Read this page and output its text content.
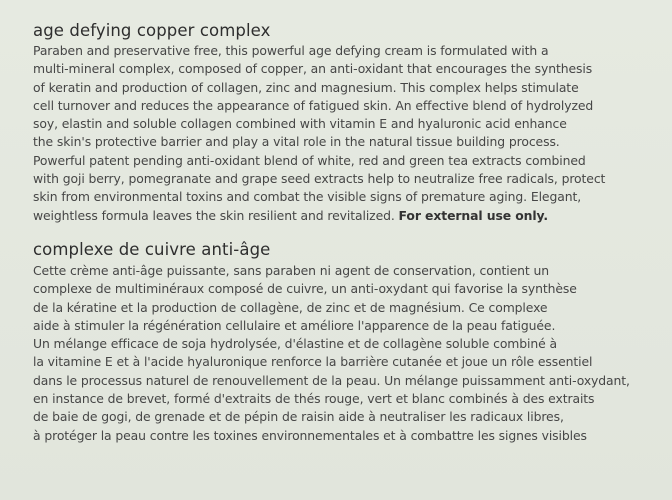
age defying copper complex

Paraben and preservative free, this powerful age defying cream is formulated with a
multi-mineral complex, composed of copper, an anti-oxidant that encourages the synthesis
of keratin and production of collagen, zinc and magnesium. This complex helps stimulate
cell turnover and reduces the appearance of fatigued skin. An effective blend of hydrolyzed
soy, elastin and soluble collagen combined with vitamin E and hyaluronic acid enhance
the skin's protective barrier and play a vital role in the natural tissue building process.
Powerful patent pending anti-oxidant blend of white, red and green tea extracts combined
with goji berry, pomegranate and grape seed extracts help to neutralize free radicals, protect
skin from environmental toxins and combat the visible signs of premature aging. Elegant,
weightless formula leaves the skin resilient and revitalized. For external use only.

complexe de cuivre anti-âge

Cette crème anti-âge puissante, sans paraben ni agent de conservation, contient un
complexe de multiminéraux composé de cuivre, un anti-oxydant qui favorise la synthèse
de la kératine et la production de collagène, de zinc et de magnésium. Ce complexe
aide à stimuler la régénération cellulaire et améliore l'apparence de la peau fatiguée.
Un mélange efficace de soja hydrolysée, d'élastine et de collagène soluble combiné à
la vitamine E et à l'acide hyaluronique renforce la barrière cutanée et joue un rôle essentiel
dans le processus naturel de renouvellement de la peau. Un mélange puissamment anti-oxydant,
en instance de brevet, formé d'extraits de thés rouge, vert et blanc combinés à des extraits
de baie de gogi, de grenade et de pépin de raisin aide à neutraliser les radicaux libres,
à protéger la peau contre les toxines environnementales et à combattre les signes visibles
